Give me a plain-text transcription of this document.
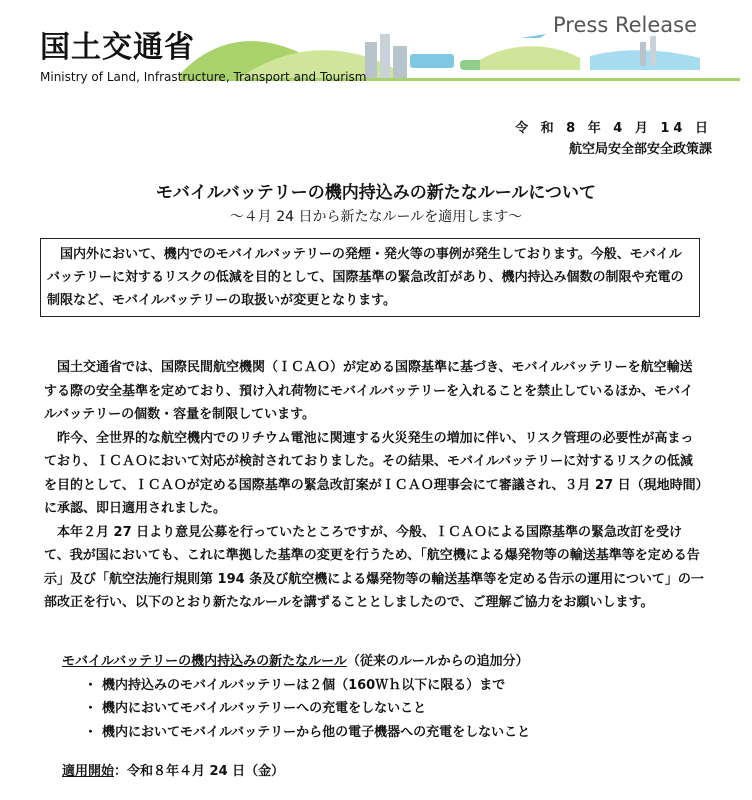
国土交通省
Ministry of Land, Infrastructure, Transport and Tourism
Press Release
令 和 8 年 4 月 14 日
航空局安全部安全政策課
モバイルバッテリーの機内持込みの新たなルールについて
～４月 24 日から新たなルールを適用します～
国内外において、機内でのモバイルバッテリーの発煙・発火等の事例が発生しております。今般、モバイルバッテリーに対するリスクの低減を目的として、国際基準の緊急改訂があり、機内持込み個数の制限や充電の制限など、モバイルバッテリーの取扱いが変更となります。

国土交通省では、国際民間航空機関（ＩＣＡＯ）が定める国際基準に基づき、モバイルバッテリーを航空輸送する際の安全基準を定めており、預け入れ荷物にモバイルバッテリーを入れることを禁止しているほか、モバイルバッテリーの個数・容量を制限しています。

昨今、全世界的な航空機内でのリチウム電池に関連する火災発生の増加に伴い、リスク管理の必要性が高まっており、ＩＣＡＯにおいて対応が検討されておりました。その結果、モバイルバッテリーに対するリスクの低減を目的として、ＩＣＡＯが定める国際基準の緊急改訂案がＩＣＡＯ理事会にて審議され、３月 27 日（現地時間）に承認、即日適用されました。

本年２月 27 日より意見公募を行っていたところですが、今般、ＩＣＡＯによる国際基準の緊急改訂を受けて、我が国においても、これに準拠した基準の変更を行うため、「航空機による爆発物等の輸送基準等を定める告示」及び「航空法施行規則第 194 条及び航空機による爆発物等の輸送基準等を定める告示の運用について」の一部改正を行い、以下のとおり新たなルールを講ずることとしましたので、ご理解ご協力をお願いします。

モバイルバッテリーの機内持込みの新たなルール（従来のルールからの追加分）
・ 機内持込みのモバイルバッテリーは２個（160Ｗｈ以下に限る）まで
・ 機内においてモバイルバッテリーへの充電をしないこと
・ 機内においてモバイルバッテリーから他の電子機器への充電をしないこと
適用開始：令和８年４月 24 日（金）
